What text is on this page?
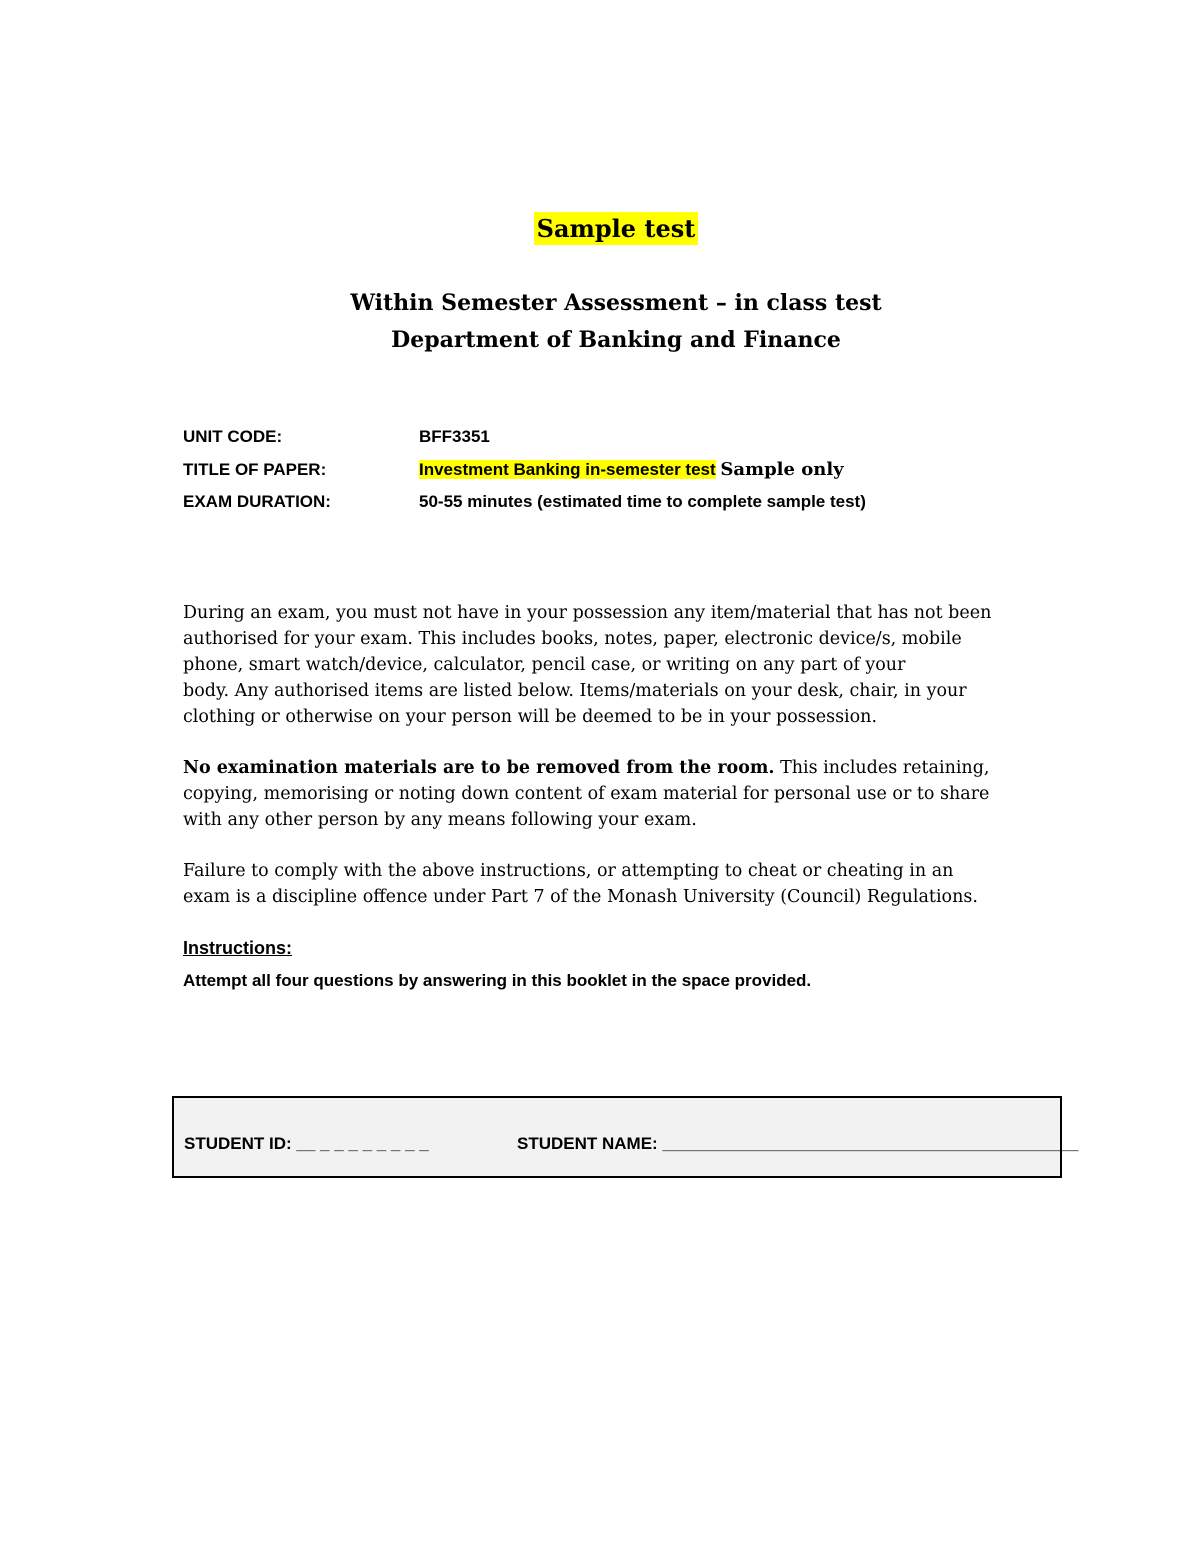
Sample test
Within Semester Assessment – in class test
Department of Banking and Finance
UNIT CODE:	BFF3351
TITLE OF PAPER:	Investment Banking in-semester test Sample only
EXAM DURATION:	50-55 minutes (estimated time to complete sample test)

During an exam, you must not have in your possession any item/material that has not been

authorised for your exam. This includes books, notes, paper, electronic device/s, mobile

phone, smart watch/device, calculator, pencil case, or writing on any part of your

body. Any authorised items are listed below. Items/materials on your desk, chair, in your

clothing or otherwise on your person will be deemed to be in your possession.

No examination materials are to be removed from the room. This includes retaining,

copying, memorising or noting down content of exam material for personal use or to share

with any other person by any means following your exam.

Failure to comply with the above instructions, or attempting to cheat or cheating in an

exam is a discipline offence under Part 7 of the Monash University (Council) Regulations.

Instructions:
Attempt all four questions by answering in this booklet in the space provided.
STUDENT ID: __ _ _ _ _ _ _ _ _	STUDENT NAME: ____________________________________________
